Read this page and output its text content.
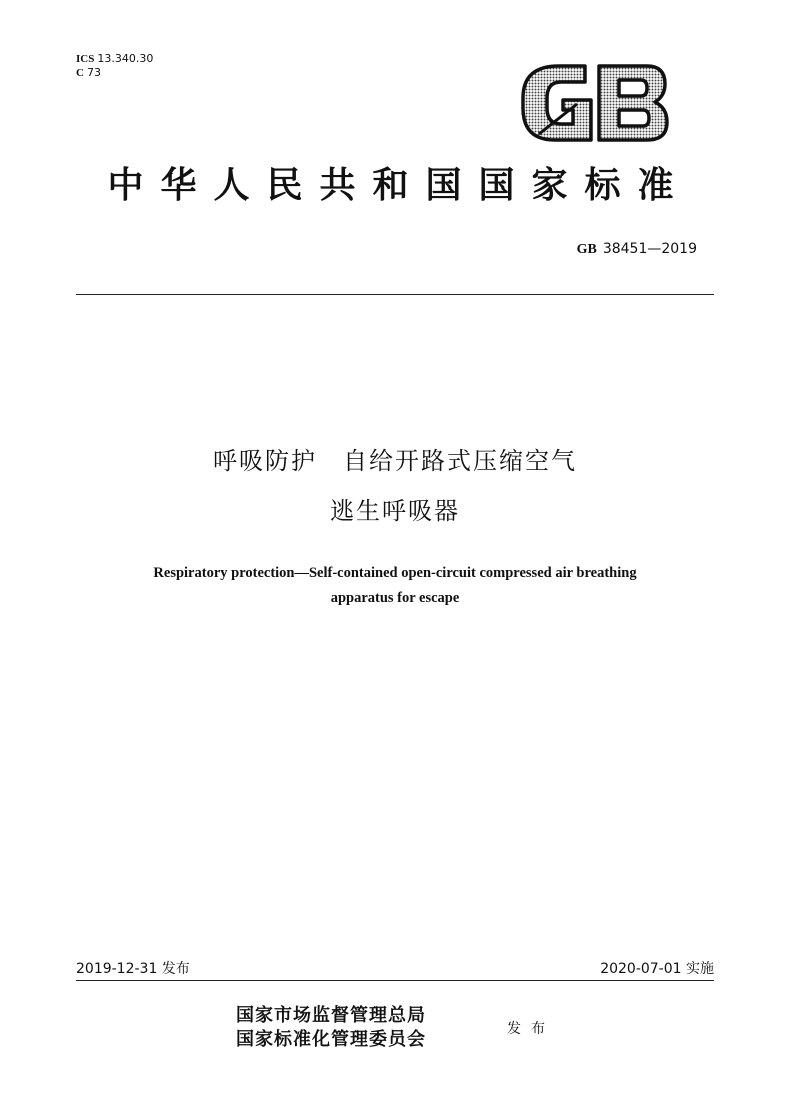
ICS 13.340.30
C 73
中华人民共和国国家标准
GB 38451—2019
呼吸防护　自给开路式压缩空气
逃生呼吸器
Respiratory protection—Self-contained open-circuit compressed air breathing
apparatus for escape
2019-12-31 发布	2020-07-01 实施
国家市场监督管理总局
国家标准化管理委员会	发布
